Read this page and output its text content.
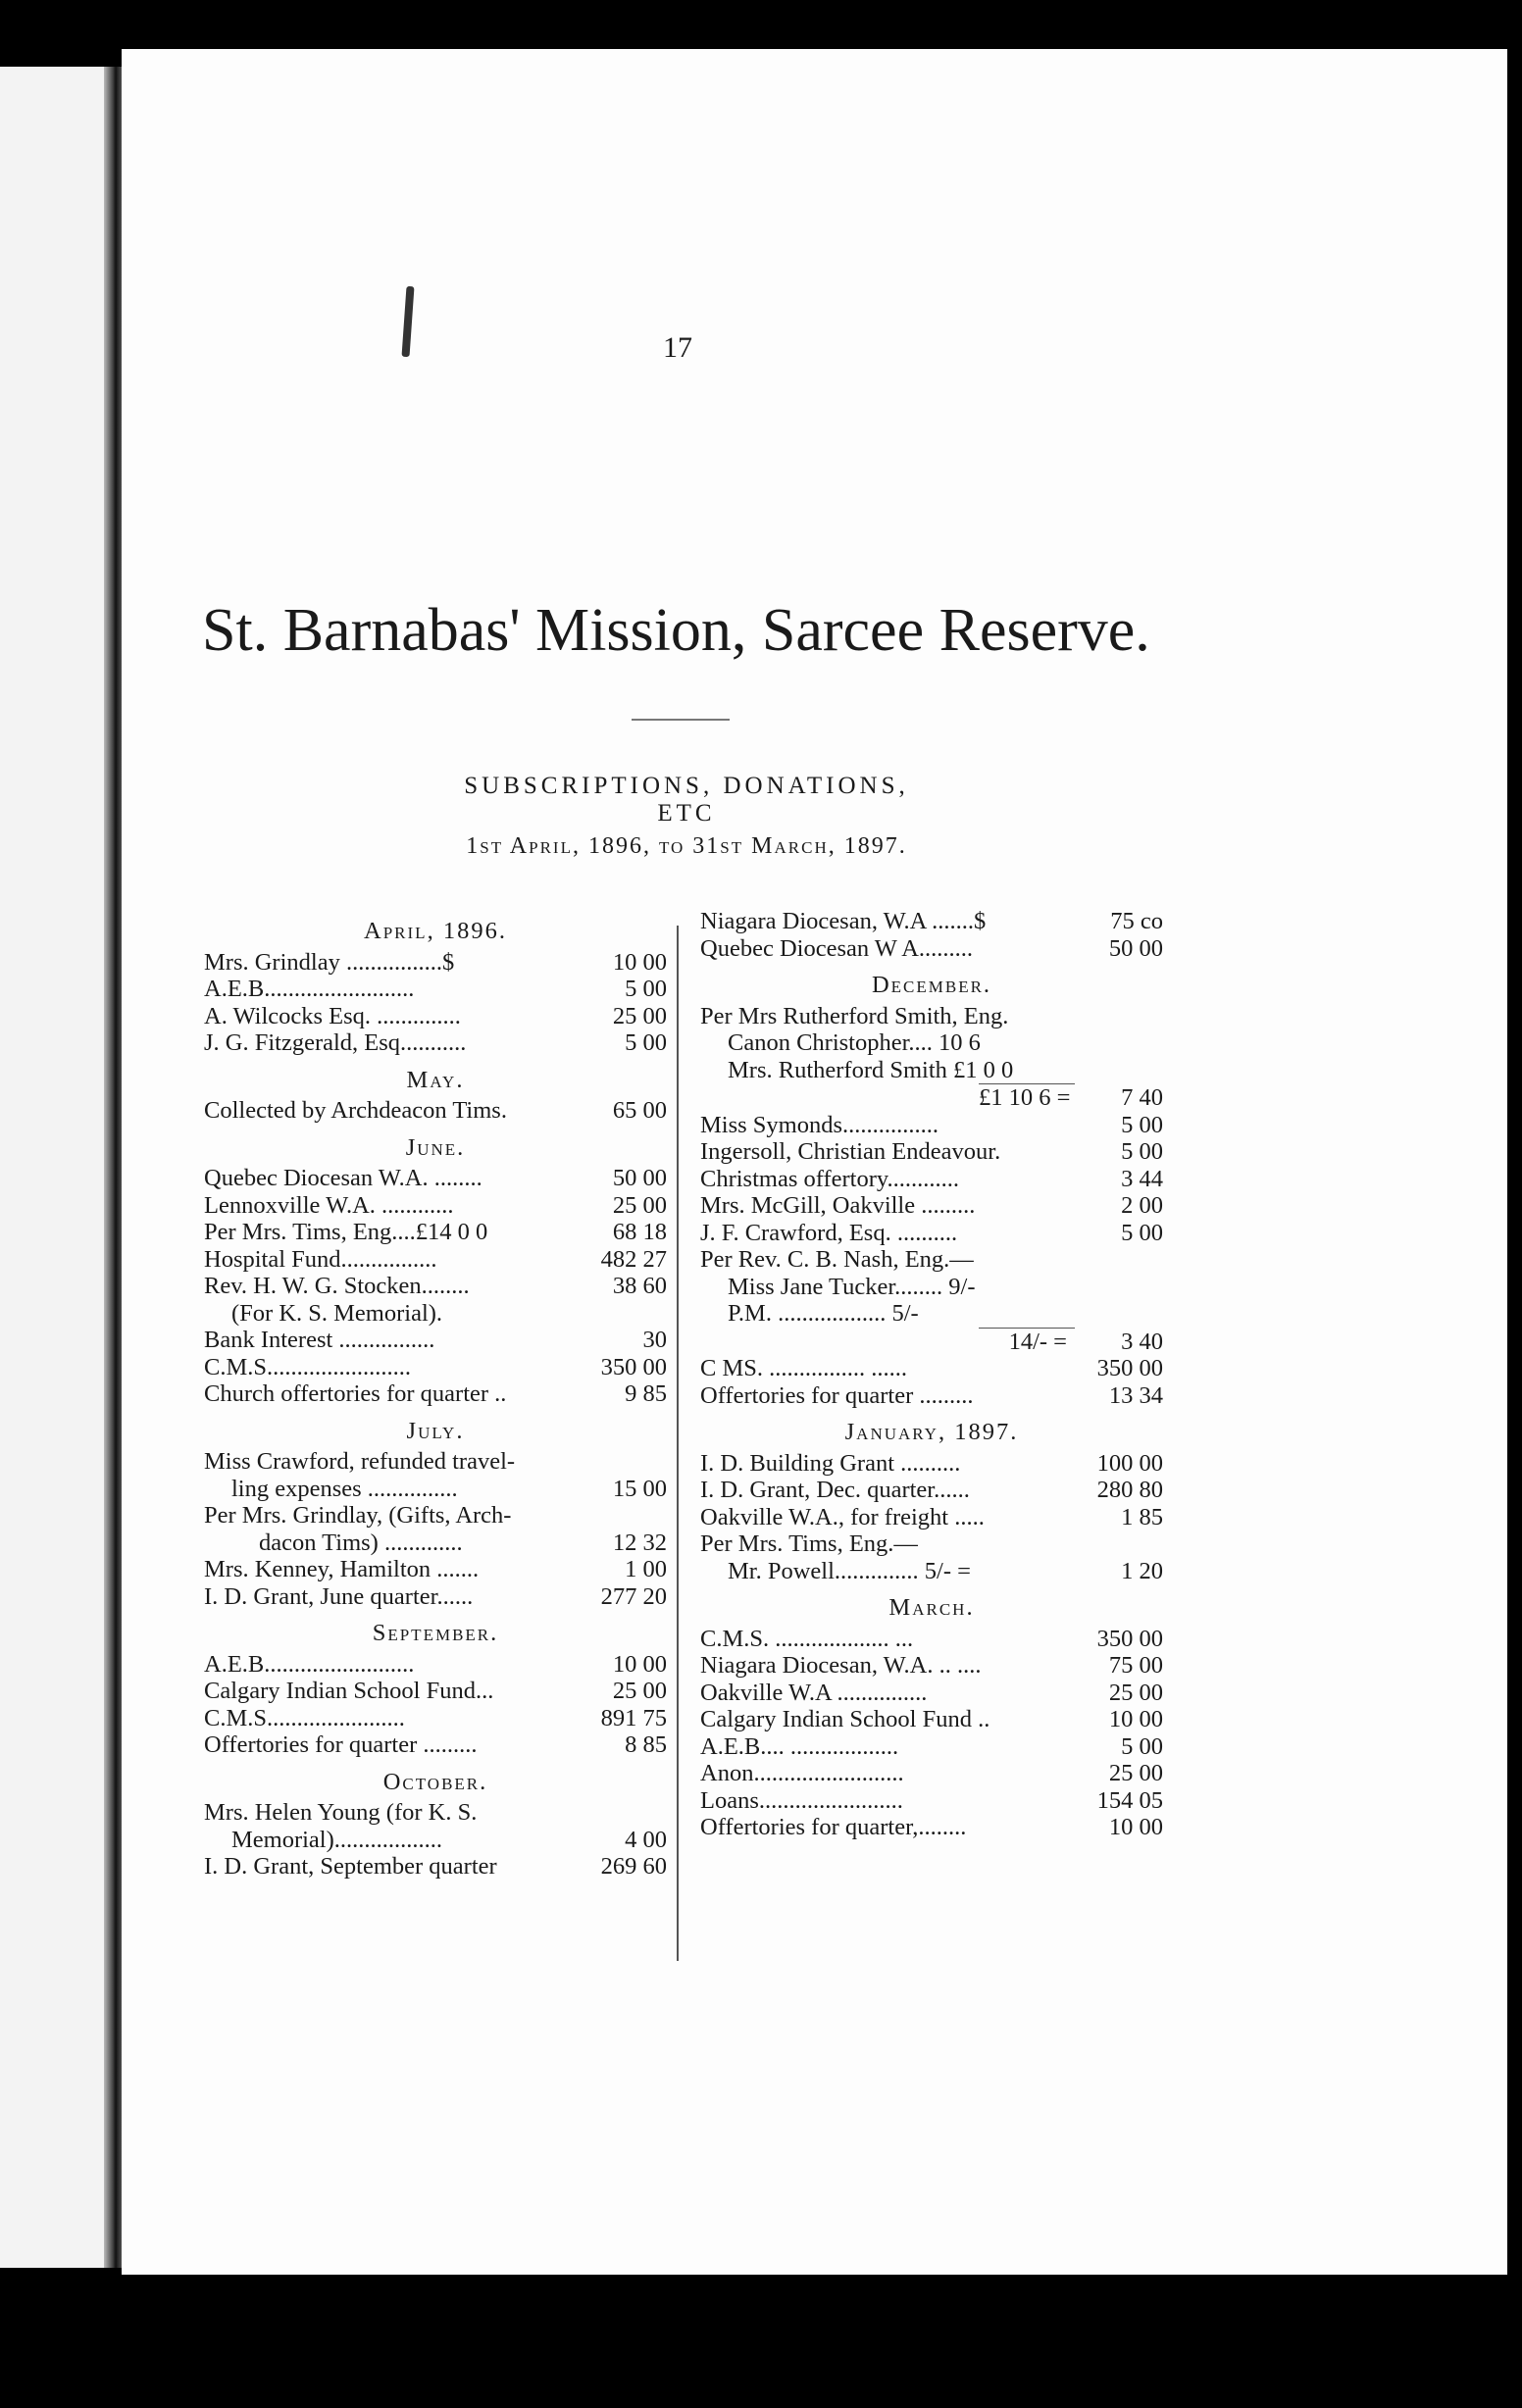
17
St. Barnabas' Mission, Sarcee Reserve.
SUBSCRIPTIONS, DONATIONS, ETC
1st April, 1896, to 31st March, 1897.
April, 1896.
Mrs. Grindlay ................$	10 00
A.E.B.........................	5 00
A. Wilcocks Esq. ..............	25 00
J. G. Fitzgerald, Esq...........	5 00
May.
Collected by Archdeacon Tims.	65 00
June.
Quebec Diocesan W.A. ........	50 00
Lennoxville W.A. ............	25 00
Per Mrs. Tims, Eng....£14 0 0	68 18
Hospital Fund................	482 27
Rev. H. W. G. Stocken........	38 60
(For K. S. Memorial).
Bank Interest ................	30
C.M.S........................	350 00
Church offertories for quarter ..	9 85
July.
Miss Crawford, refunded travel-
ling expenses ...............	15 00
Per Mrs. Grindlay, (Gifts, Arch-
dacon Tims) .............	12 32
Mrs. Kenney, Hamilton .......	1 00
I. D. Grant, June quarter......	277 20
September.
A.E.B.........................	10 00
Calgary Indian School Fund...	25 00
C.M.S.......................	891 75
Offertories for quarter .........	8 85
October.
Mrs. Helen Young (for K. S.
Memorial)..................	4 00
I. D. Grant, September quarter	269 60
Niagara Diocesan, W.A .......$	75 co
Quebec Diocesan W A.........	50 00
December.
Per Mrs Rutherford Smith, Eng.
Canon Christopher.... 10 6
Mrs. Rutherford Smith £1 0 0
£1 10 6 =	7 40
Miss Symonds................	5 00
Ingersoll, Christian Endeavour.	5 00
Christmas offertory............	3 44
Mrs. McGill, Oakville .........	2 00
J. F. Crawford, Esq. ..........	5 00
Per Rev. C. B. Nash, Eng.—
Miss Jane Tucker........ 9/-
P.M. .................. 5/-
14/- =	3 40
C MS. ................ ......	350 00
Offertories for quarter .........	13 34
January, 1897.
I. D. Building Grant ..........	100 00
I. D. Grant, Dec. quarter......	280 80
Oakville W.A., for freight .....	1 85
Per Mrs. Tims, Eng.—
Mr. Powell.............. 5/- =	1 20
March.
C.M.S. ................... ...	350 00
Niagara Diocesan, W.A. .. ....	75 00
Oakville W.A ...............	25 00
Calgary Indian School Fund ..	10 00
A.E.B.... ..................	5 00
Anon.........................	25 00
Loans........................	154 05
Offertories for quarter,........	10 00
